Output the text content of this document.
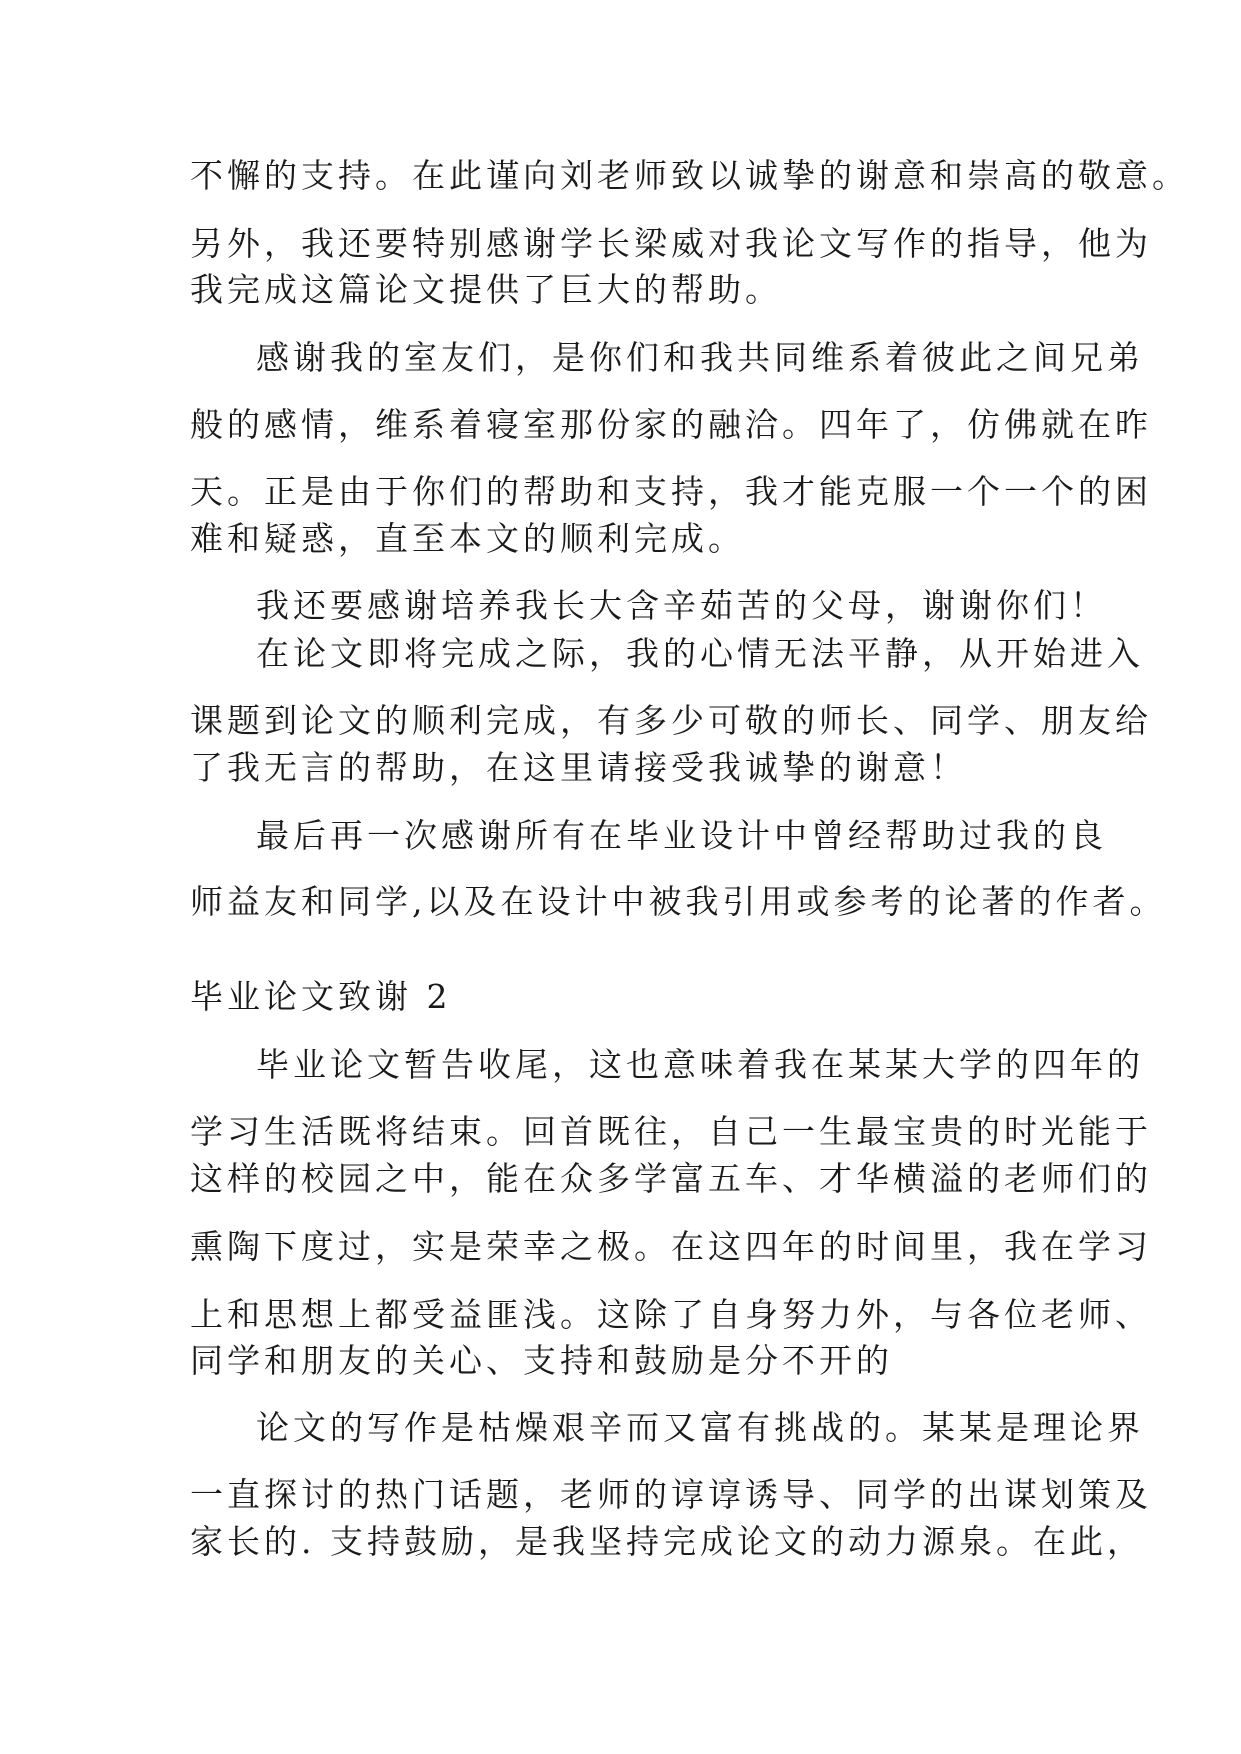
不懈的支持。在此谨向刘老师致以诚挚的谢意和崇高的敬意。
另外，我还要特别感谢学长梁威对我论文写作的指导，他为
我完成这篇论文提供了巨大的帮助。
感谢我的室友们，是你们和我共同维系着彼此之间兄弟
般的感情，维系着寝室那份家的融洽。四年了，仿佛就在昨
天。正是由于你们的帮助和支持，我才能克服一个一个的困
难和疑惑，直至本文的顺利完成。
我还要感谢培养我长大含辛茹苦的父母，谢谢你们！
在论文即将完成之际，我的心情无法平静，从开始进入
课题到论文的顺利完成，有多少可敬的师长、同学、朋友给
了我无言的帮助，在这里请接受我诚挚的谢意！
最后再一次感谢所有在毕业设计中曾经帮助过我的良
师益友和同学,以及在设计中被我引用或参考的论著的作者。
毕业论文致谢 2
毕业论文暂告收尾，这也意味着我在某某大学的四年的
学习生活既将结束。回首既往，自己一生最宝贵的时光能于
这样的校园之中，能在众多学富五车、才华横溢的老师们的
熏陶下度过，实是荣幸之极。在这四年的时间里，我在学习
上和思想上都受益匪浅。这除了自身努力外，与各位老师、
同学和朋友的关心、支持和鼓励是分不开的
论文的写作是枯燥艰辛而又富有挑战的。某某是理论界
一直探讨的热门话题，老师的谆谆诱导、同学的出谋划策及
家长的. 支持鼓励，是我坚持完成论文的动力源泉。在此，
